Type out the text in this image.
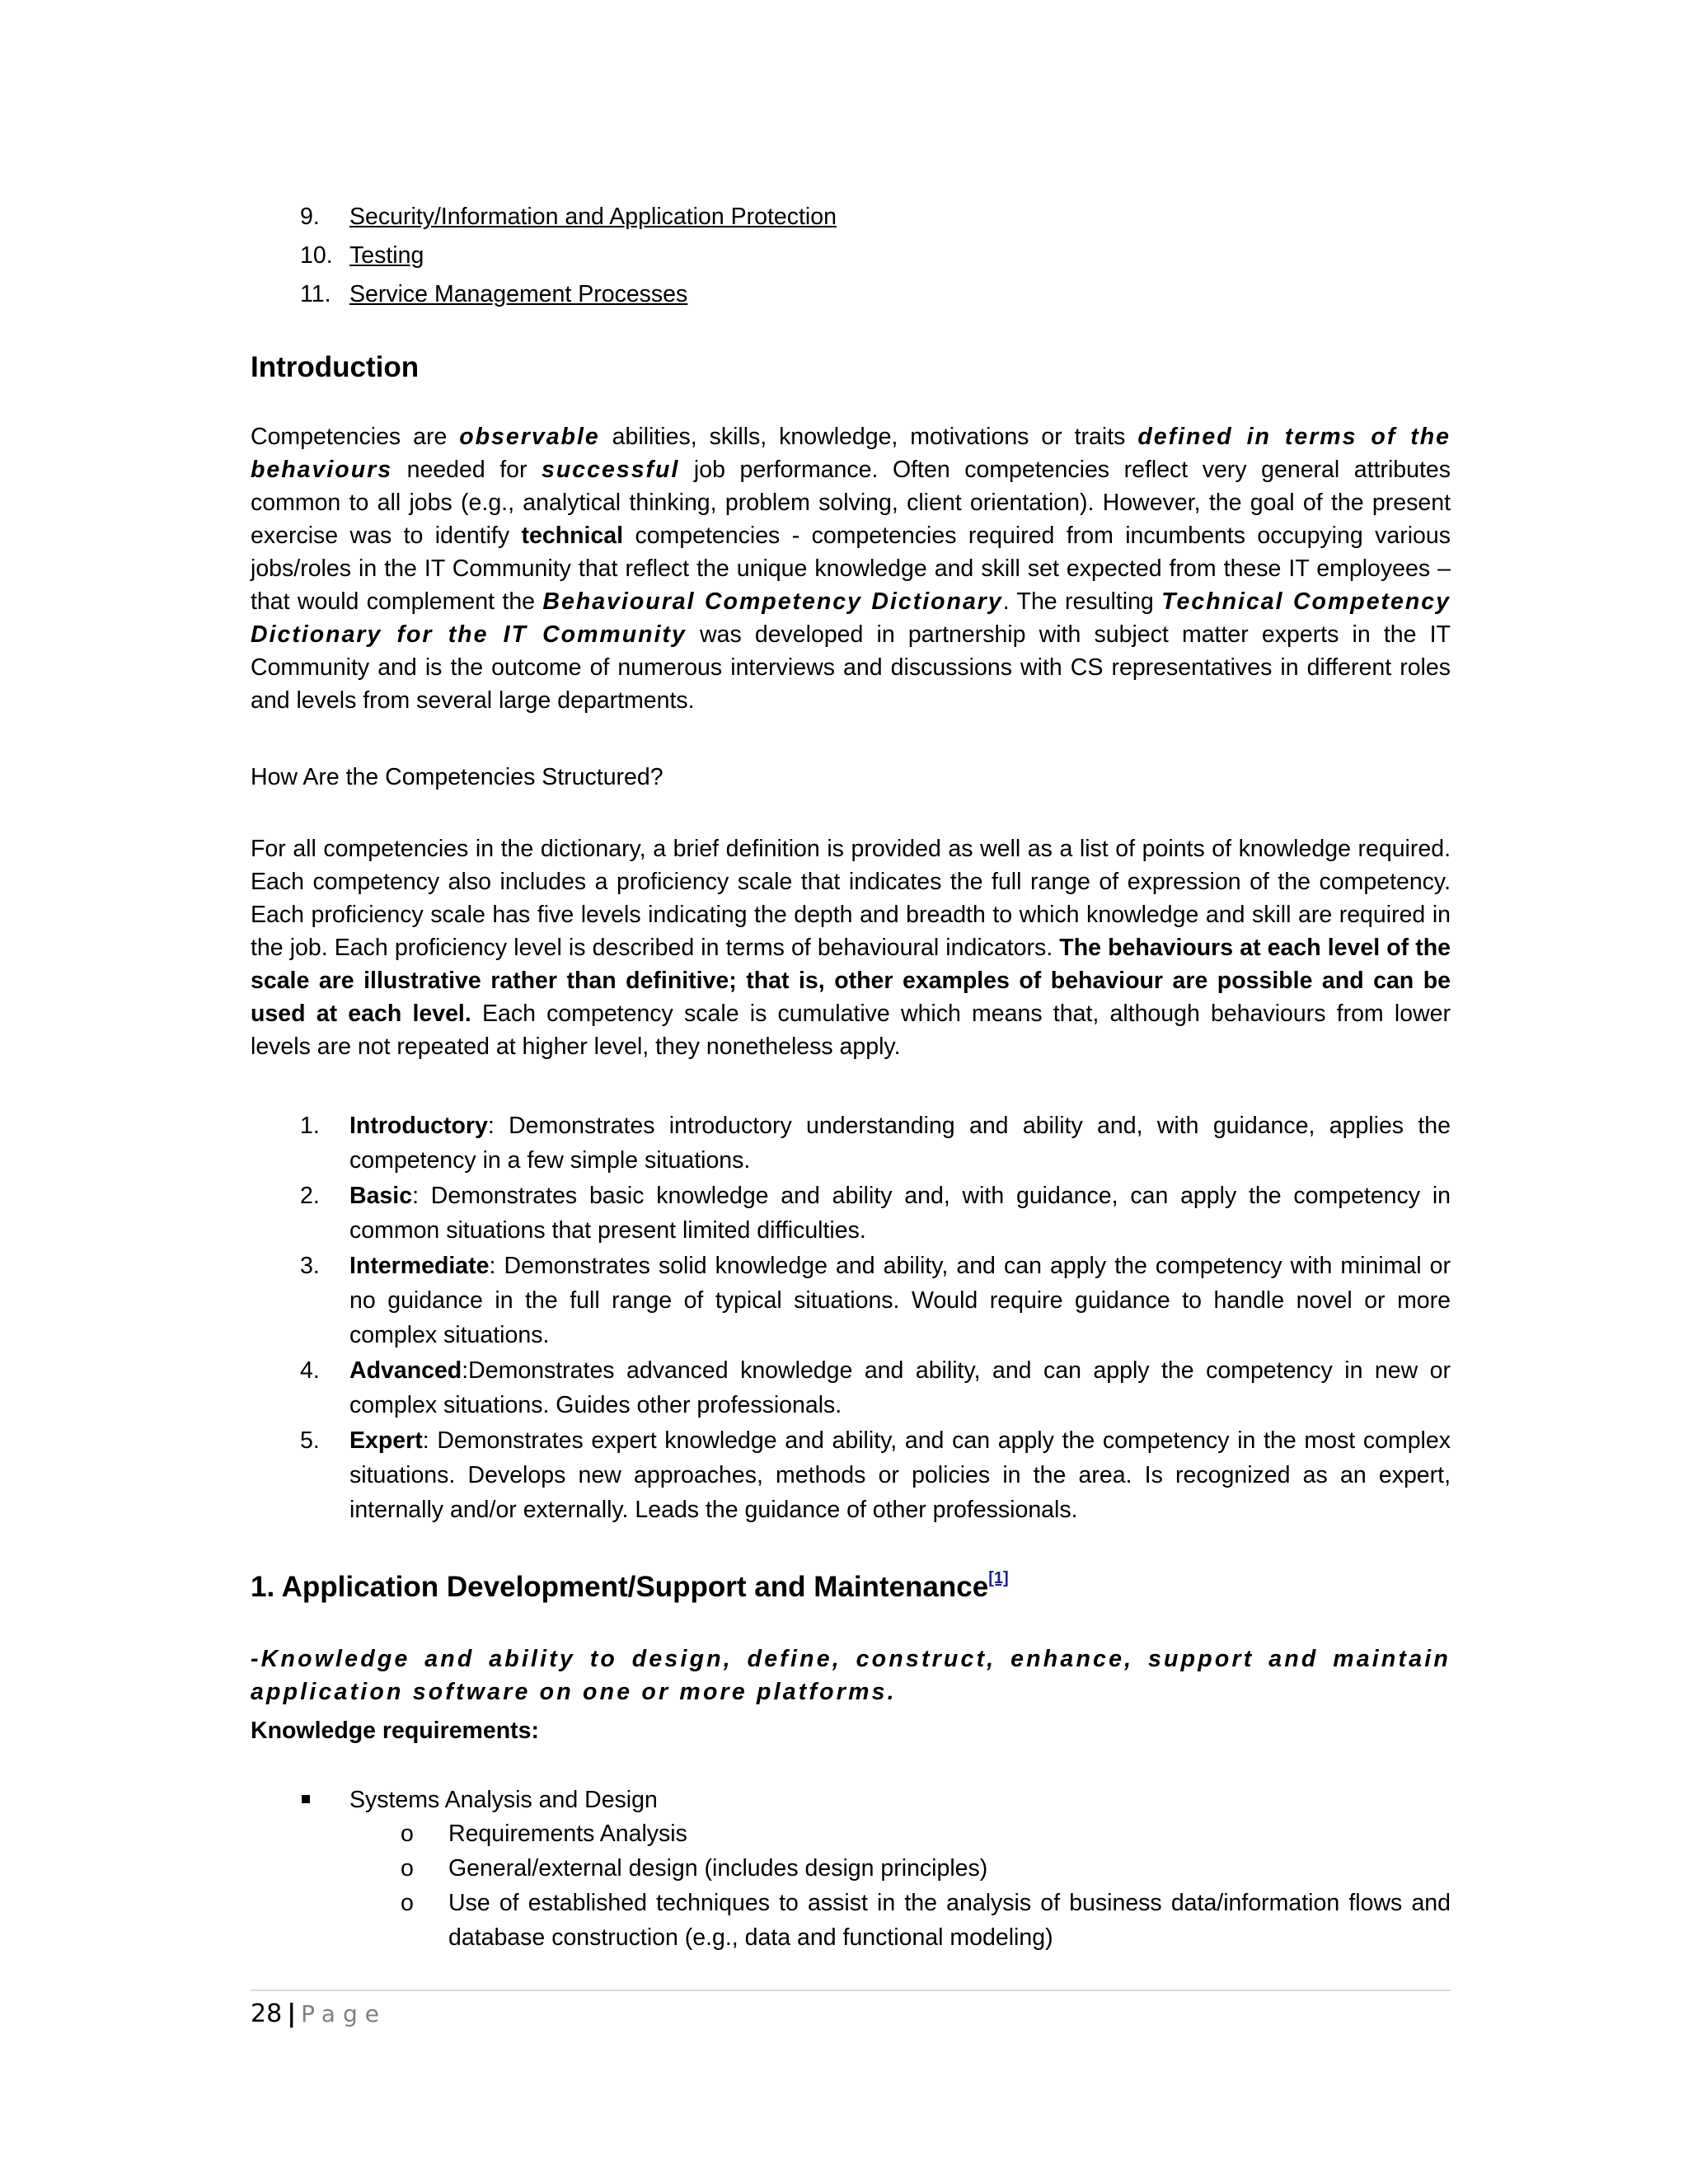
9. Security/Information and Application Protection
10. Testing
11. Service Management Processes
Introduction

Competencies are observable abilities, skills, knowledge, motivations or traits defined in terms of the behaviours needed for successful job performance. Often competencies reflect very general attributes common to all jobs (e.g., analytical thinking, problem solving, client orientation). However, the goal of the present exercise was to identify technical competencies - competencies required from incumbents occupying various jobs/roles in the IT Community that reflect the unique knowledge and skill set expected from these IT employees – that would complement the Behavioural Competency Dictionary. The resulting Technical Competency Dictionary for the IT Community was developed in partnership with subject matter experts in the IT Community and is the outcome of numerous interviews and discussions with CS representatives in different roles and levels from several large departments.

How Are the Competencies Structured?

For all competencies in the dictionary, a brief definition is provided as well as a list of points of knowledge required. Each competency also includes a proficiency scale that indicates the full range of expression of the competency. Each proficiency scale has five levels indicating the depth and breadth to which knowledge and skill are required in the job. Each proficiency level is described in terms of behavioural indicators. The behaviours at each level of the scale are illustrative rather than definitive; that is, other examples of behaviour are possible and can be used at each level. Each competency scale is cumulative which means that, although behaviours from lower levels are not repeated at higher level, they nonetheless apply.

1. Introductory: Demonstrates introductory understanding and ability and, with guidance, applies the competency in a few simple situations.
2. Basic: Demonstrates basic knowledge and ability and, with guidance, can apply the competency in common situations that present limited difficulties.
3. Intermediate: Demonstrates solid knowledge and ability, and can apply the competency with minimal or no guidance in the full range of typical situations. Would require guidance to handle novel or more complex situations.
4. Advanced:Demonstrates advanced knowledge and ability, and can apply the competency in new or complex situations. Guides other professionals.
5. Expert: Demonstrates expert knowledge and ability, and can apply the competency in the most complex situations. Develops new approaches, methods or policies in the area. Is recognized as an expert, internally and/or externally. Leads the guidance of other professionals.
1. Application Development/Support and Maintenance[1]

-Knowledge and ability to design, define, construct, enhance, support and maintain application software on one or more platforms.

Knowledge requirements:

Systems Analysis and Design
o Requirements Analysis
o General/external design (includes design principles)
o Use of established techniques to assist in the analysis of business data/information flows and database construction (e.g., data and functional modeling)
28 | Page
